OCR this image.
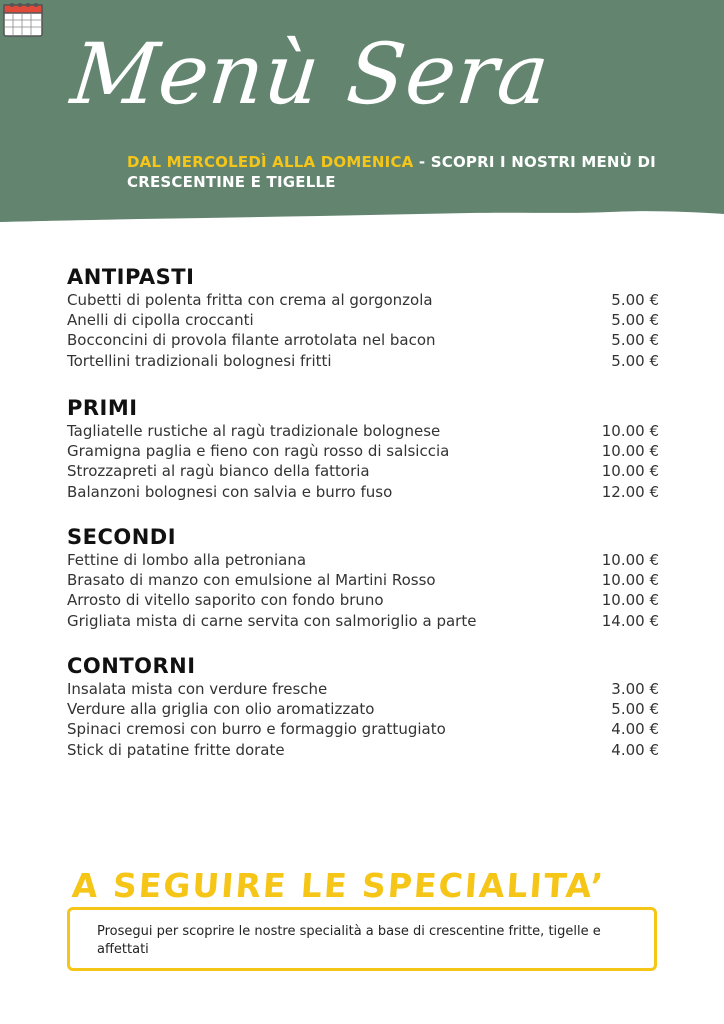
Menù Sera
DAL MERCOLEDÌ ALLA DOMENICA - SCOPRI I NOSTRI MENÙ DI CRESCENTINE E TIGELLE
ANTIPASTI
Cubetti di polenta fritta con crema al gorgonzola	5.00 €
Anelli di cipolla croccanti	5.00 €
Bocconcini di provola filante arrotolata nel bacon	5.00 €
Tortellini tradizionali bolognesi fritti	5.00 €
PRIMI
Tagliatelle rustiche al ragù tradizionale bolognese	10.00 €
Gramigna paglia e fieno con ragù rosso di salsiccia	10.00 €
Strozzapreti al ragù bianco della fattoria	10.00 €
Balanzoni bolognesi con salvia e burro fuso	12.00 €
SECONDI
Fettine di lombo alla petroniana	10.00 €
Brasato di manzo con emulsione al Martini Rosso	10.00 €
Arrosto di vitello saporito con fondo bruno	10.00 €
Grigliata mista di carne servita con salmoriglio a parte	14.00 €
CONTORNI
Insalata mista con verdure fresche	3.00 €
Verdure alla griglia con olio aromatizzato	5.00 €
Spinaci cremosi con burro e formaggio grattugiato	4.00 €
Stick di patatine fritte dorate	4.00 €
A SEGUIRE LE SPECIALITA’
Prosegui per scoprire le nostre specialità a base di crescentine fritte, tigelle e affettati
